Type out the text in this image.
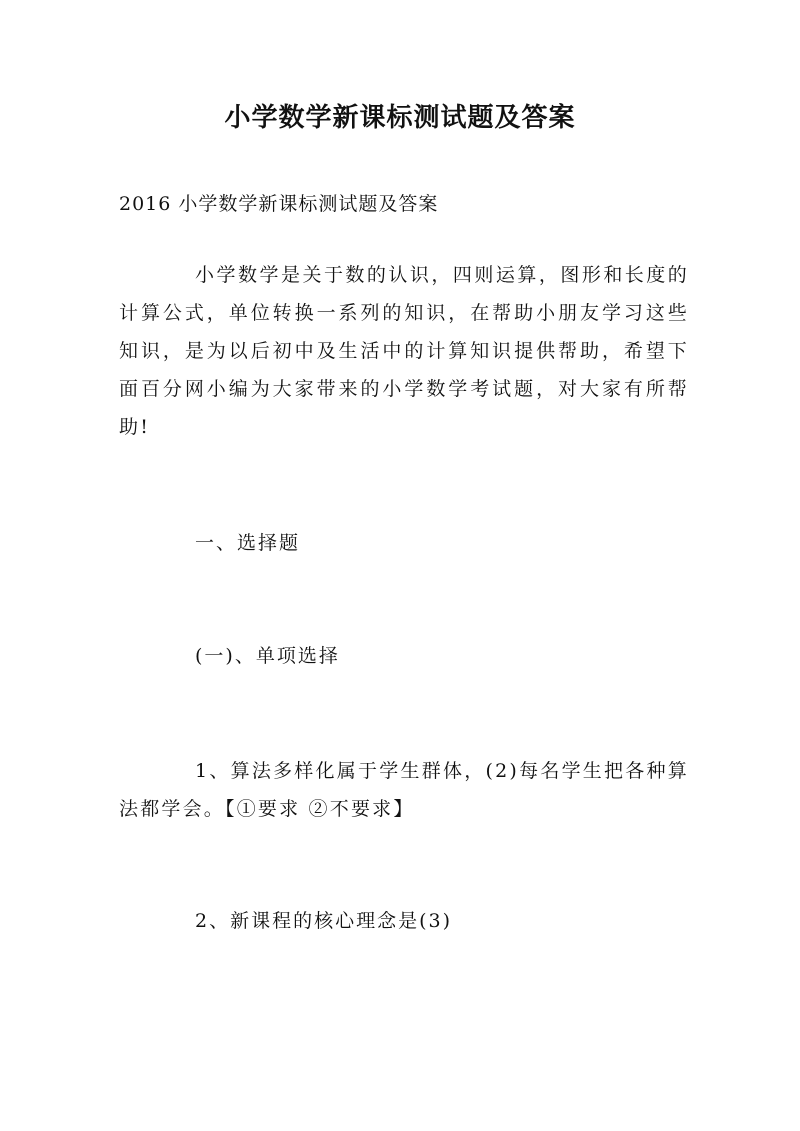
小学数学新课标测试题及答案
2016 小学数学新课标测试题及答案
小学数学是关于数的认识，四则运算，图形和长度的计算公式，单位转换一系列的知识，在帮助小朋友学习这些知识，是为以后初中及生活中的计算知识提供帮助，希望下面百分网小编为大家带来的小学数学考试题，对大家有所帮助!
一、选择题
(一)、单项选择
1、算法多样化属于学生群体，(2)每名学生把各种算法都学会。【①要求 ②不要求】
2、新课程的核心理念是(3)
